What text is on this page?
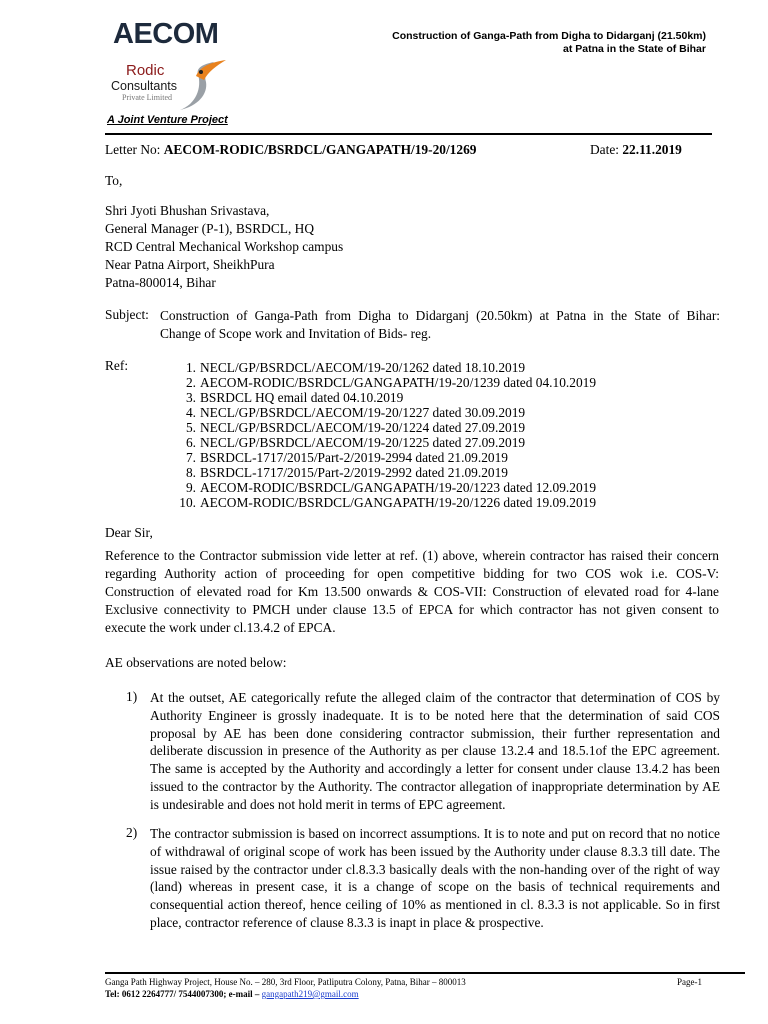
AECOM
Rodic
Consultants
Private Limited
A Joint Venture Project
Construction of Ganga-Path from Digha to Didarganj (21.50km)
at Patna in the State of Bihar
Letter No: AECOM-RODIC/BSRDCL/GANGAPATH/19-20/1269	Date: 22.11.2019
To,
Shri Jyoti Bhushan Srivastava,
General Manager (P-1), BSRDCL, HQ
RCD Central Mechanical Workshop campus
Near Patna Airport, SheikhPura
Patna-800014, Bihar
Subject: Construction of Ganga-Path from Digha to Didarganj (20.50km) at Patna in the State of Bihar:
Change of Scope work and Invitation of Bids- reg.
Ref:	1. NECL/GP/BSRDCL/AECOM/19-20/1262 dated 18.10.2019
2. AECOM-RODIC/BSRDCL/GANGAPATH/19-20/1239 dated 04.10.2019
3. BSRDCL HQ email dated 04.10.2019
4. NECL/GP/BSRDCL/AECOM/19-20/1227 dated 30.09.2019
5. NECL/GP/BSRDCL/AECOM/19-20/1224 dated 27.09.2019
6. NECL/GP/BSRDCL/AECOM/19-20/1225 dated 27.09.2019
7. BSRDCL-1717/2015/Part-2/2019-2994 dated 21.09.2019
8. BSRDCL-1717/2015/Part-2/2019-2992 dated 21.09.2019
9. AECOM-RODIC/BSRDCL/GANGAPATH/19-20/1223 dated 12.09.2019
10. AECOM-RODIC/BSRDCL/GANGAPATH/19-20/1226 dated 19.09.2019
Dear Sir,
Reference to the Contractor submission vide letter at ref. (1) above, wherein contractor has raised their concern regarding Authority action of proceeding for open competitive bidding for two COS wok i.e. COS-V: Construction of elevated road for Km 13.500 onwards & COS-VII: Construction of elevated road for 4-lane Exclusive connectivity to PMCH under clause 13.5 of EPCA for which contractor has not given consent to execute the work under cl.13.4.2 of EPCA.
AE observations are noted below:
1) At the outset, AE categorically refute the alleged claim of the contractor that determination of COS by Authority Engineer is grossly inadequate. It is to be noted here that the determination of said COS proposal by AE has been done considering contractor submission, their further representation and deliberate discussion in presence of the Authority as per clause 13.2.4 and 18.5.1of the EPC agreement. The same is accepted by the Authority and accordingly a letter for consent under clause 13.4.2 has been issued to the contractor by the Authority. The contractor allegation of inappropriate determination by AE is undesirable and does not hold merit in terms of EPC agreement.
2) The contractor submission is based on incorrect assumptions. It is to note and put on record that no notice of withdrawal of original scope of work has been issued by the Authority under clause 8.3.3 till date. The issue raised by the contractor under cl.8.3.3 basically deals with the non-handing over of the right of way (land) whereas in present case, it is a change of scope on the basis of technical requirements and consequential action thereof, hence ceiling of 10% as mentioned in cl. 8.3.3 is not applicable. So in first place, contractor reference of clause 8.3.3 is inapt in place & prospective.
Ganga Path Highway Project, House No. – 280, 3rd Floor, Patliputra Colony, Patna, Bihar – 800013
Tel: 0612 2264777/ 7544007300; e-mail – gangapath219@gmail.com
Page-1
